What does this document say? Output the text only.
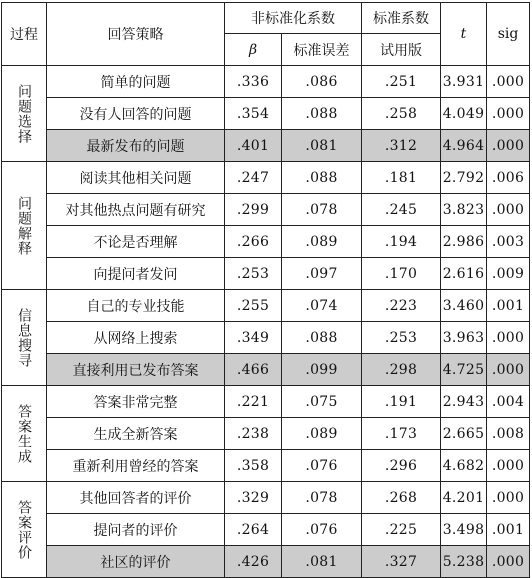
过程	回答策略	非标准化系数		标准系数	t	sig
		β	标准误差	试用版		
问题选择	简单的问题	.336	.086	.251	3.931	.000
	没有人回答的问题	.354	.088	.258	4.049	.000
	最新发布的问题	.401	.081	.312	4.964	.000
问题解释	阅读其他相关问题	.247	.088	.181	2.792	.006
	对其他热点问题有研究	.299	.078	.245	3.823	.000
	不论是否理解	.266	.089	.194	2.986	.003
	向提问者发问	.253	.097	.170	2.616	.009
信息搜寻	自己的专业技能	.255	.074	.223	3.460	.001
	从网络上搜索	.349	.088	.253	3.963	.000
	直接利用已发布答案	.466	.099	.298	4.725	.000
答案生成	答案非常完整	.221	.075	.191	2.943	.004
	生成全新答案	.238	.089	.173	2.665	.008
	重新利用曾经的答案	.358	.076	.296	4.682	.000
答案评价	其他回答者的评价	.329	.078	.268	4.201	.000
	提问者的评价	.264	.076	.225	3.498	.001
	社区的评价	.426	.081	.327	5.238	.000
